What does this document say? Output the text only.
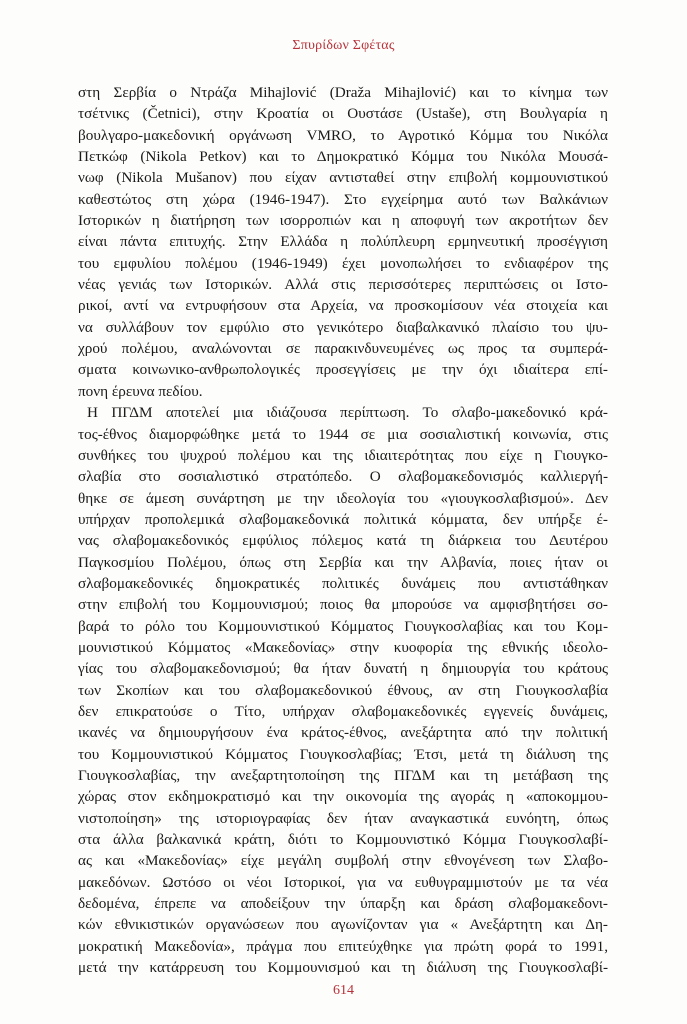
Σπυρίδων Σφέτας
στη Σερβία ο Ντράζα Mihajlović (Draža Mihajlović) και το κίνημα των
τσέτνικς (Četnici), στην Κροατία οι Ουστάσε (Ustaše), στη Βουλγαρία η
βουλγαρο-μακεδονική οργάνωση VMRO, το Αγροτικό Κόμμα του Νικόλα
Πετκώφ (Nikola Petkov) και το Δημοκρατικό Κόμμα του Νικόλα Μουσά-
νωφ (Nikola Mušanov) που είχαν αντισταθεί στην επιβολή κομμουνιστικού
καθεστώτος στη χώρα (1946-1947). Στο εγχείρημα αυτό των Βαλκάνιων
Ιστορικών η διατήρηση των ισορροπιών και η αποφυγή των ακροτήτων δεν
είναι πάντα επιτυχής. Στην Ελλάδα η πολύπλευρη ερμηνευτική προσέγγιση
του εμφυλίου πολέμου (1946-1949) έχει μονοπωλήσει το ενδιαφέρον της
νέας γενιάς των Ιστορικών. Αλλά στις περισσότερες περιπτώσεις οι Ιστο-
ρικοί, αντί να εντρυφήσουν στα Αρχεία, να προσκομίσουν νέα στοιχεία και
να συλλάβουν τον εμφύλιο στο γενικότερο διαβαλκανικό πλαίσιο του ψυ-
χρού πολέμου, αναλώνονται σε παρακινδυνευμένες ως προς τα συμπερά-
σματα κοινωνικο-ανθρωπολογικές προσεγγίσεις με την όχι ιδιαίτερα επί-
πονη έρευνα πεδίου.
Η ΠΓΔΜ αποτελεί μια ιδιάζουσα περίπτωση. Το σλαβο-μακεδονικό κρά-
τος-έθνος διαμορφώθηκε μετά το 1944 σε μια σοσιαλιστική κοινωνία, στις
συνθήκες του ψυχρού πολέμου και της ιδιαιτερότητας που είχε η Γιουγκο-
σλαβία στο σοσιαλιστικό στρατόπεδο. Ο σλαβομακεδονισμός καλλιεργή-
θηκε σε άμεση συνάρτηση με την ιδεολογία του «γιουγκοσλαβισμού». Δεν
υπήρχαν προπολεμικά σλαβομακεδονικά πολιτικά κόμματα, δεν υπήρξε έ-
νας σλαβομακεδονικός εμφύλιος πόλεμος κατά τη διάρκεια του Δευτέρου
Παγκοσμίου Πολέμου, όπως στη Σερβία και την Αλβανία, ποιες ήταν οι
σλαβομακεδονικές δημοκρατικές πολιτικές δυνάμεις που αντιστάθηκαν
στην επιβολή του Κομμουνισμού; ποιος θα μπορούσε να αμφισβητήσει σο-
βαρά το ρόλο του Κομμουνιστικού Κόμματος Γιουγκοσλαβίας και του Κομ-
μουνιστικού Κόμματος «Μακεδονίας» στην κυοφορία της εθνικής ιδεολο-
γίας του σλαβομακεδονισμού; θα ήταν δυνατή η δημιουργία του κράτους
των Σκοπίων και του σλαβομακεδονικού έθνους, αν στη Γιουγκοσλαβία
δεν επικρατούσε ο Τίτο, υπήρχαν σλαβομακεδονικές εγγενείς δυνάμεις,
ικανές να δημιουργήσουν ένα κράτος-έθνος, ανεξάρτητα από την πολιτική
του Κομμουνιστικού Κόμματος Γιουγκοσλαβίας; Έτσι, μετά τη διάλυση της
Γιουγκοσλαβίας, την ανεξαρτητοποίηση της ΠΓΔΜ και τη μετάβαση της
χώρας στον εκδημοκρατισμό και την οικονομία της αγοράς η «αποκομμου-
νιστοποίηση» της ιστοριογραφίας δεν ήταν αναγκαστικά ευνόητη, όπως
στα άλλα βαλκανικά κράτη, διότι το Κομμουνιστικό Κόμμα Γιουγκοσλαβί-
ας και «Μακεδονίας» είχε μεγάλη συμβολή στην εθνογένεση των Σλαβο-
μακεδόνων. Ωστόσο οι νέοι Ιστορικοί, για να ευθυγραμμιστούν με τα νέα
δεδομένα, έπρεπε να αποδείξουν την ύπαρξη και δράση σλαβομακεδονι-
κών εθνικιστικών οργανώσεων που αγωνίζονταν για « Ανεξάρτητη και Δη-
μοκρατική Μακεδονία», πράγμα που επιτεύχθηκε για πρώτη φορά το 1991,
μετά την κατάρρευση του Κομμουνισμού και τη διάλυση της Γιουγκοσλαβί-
614
